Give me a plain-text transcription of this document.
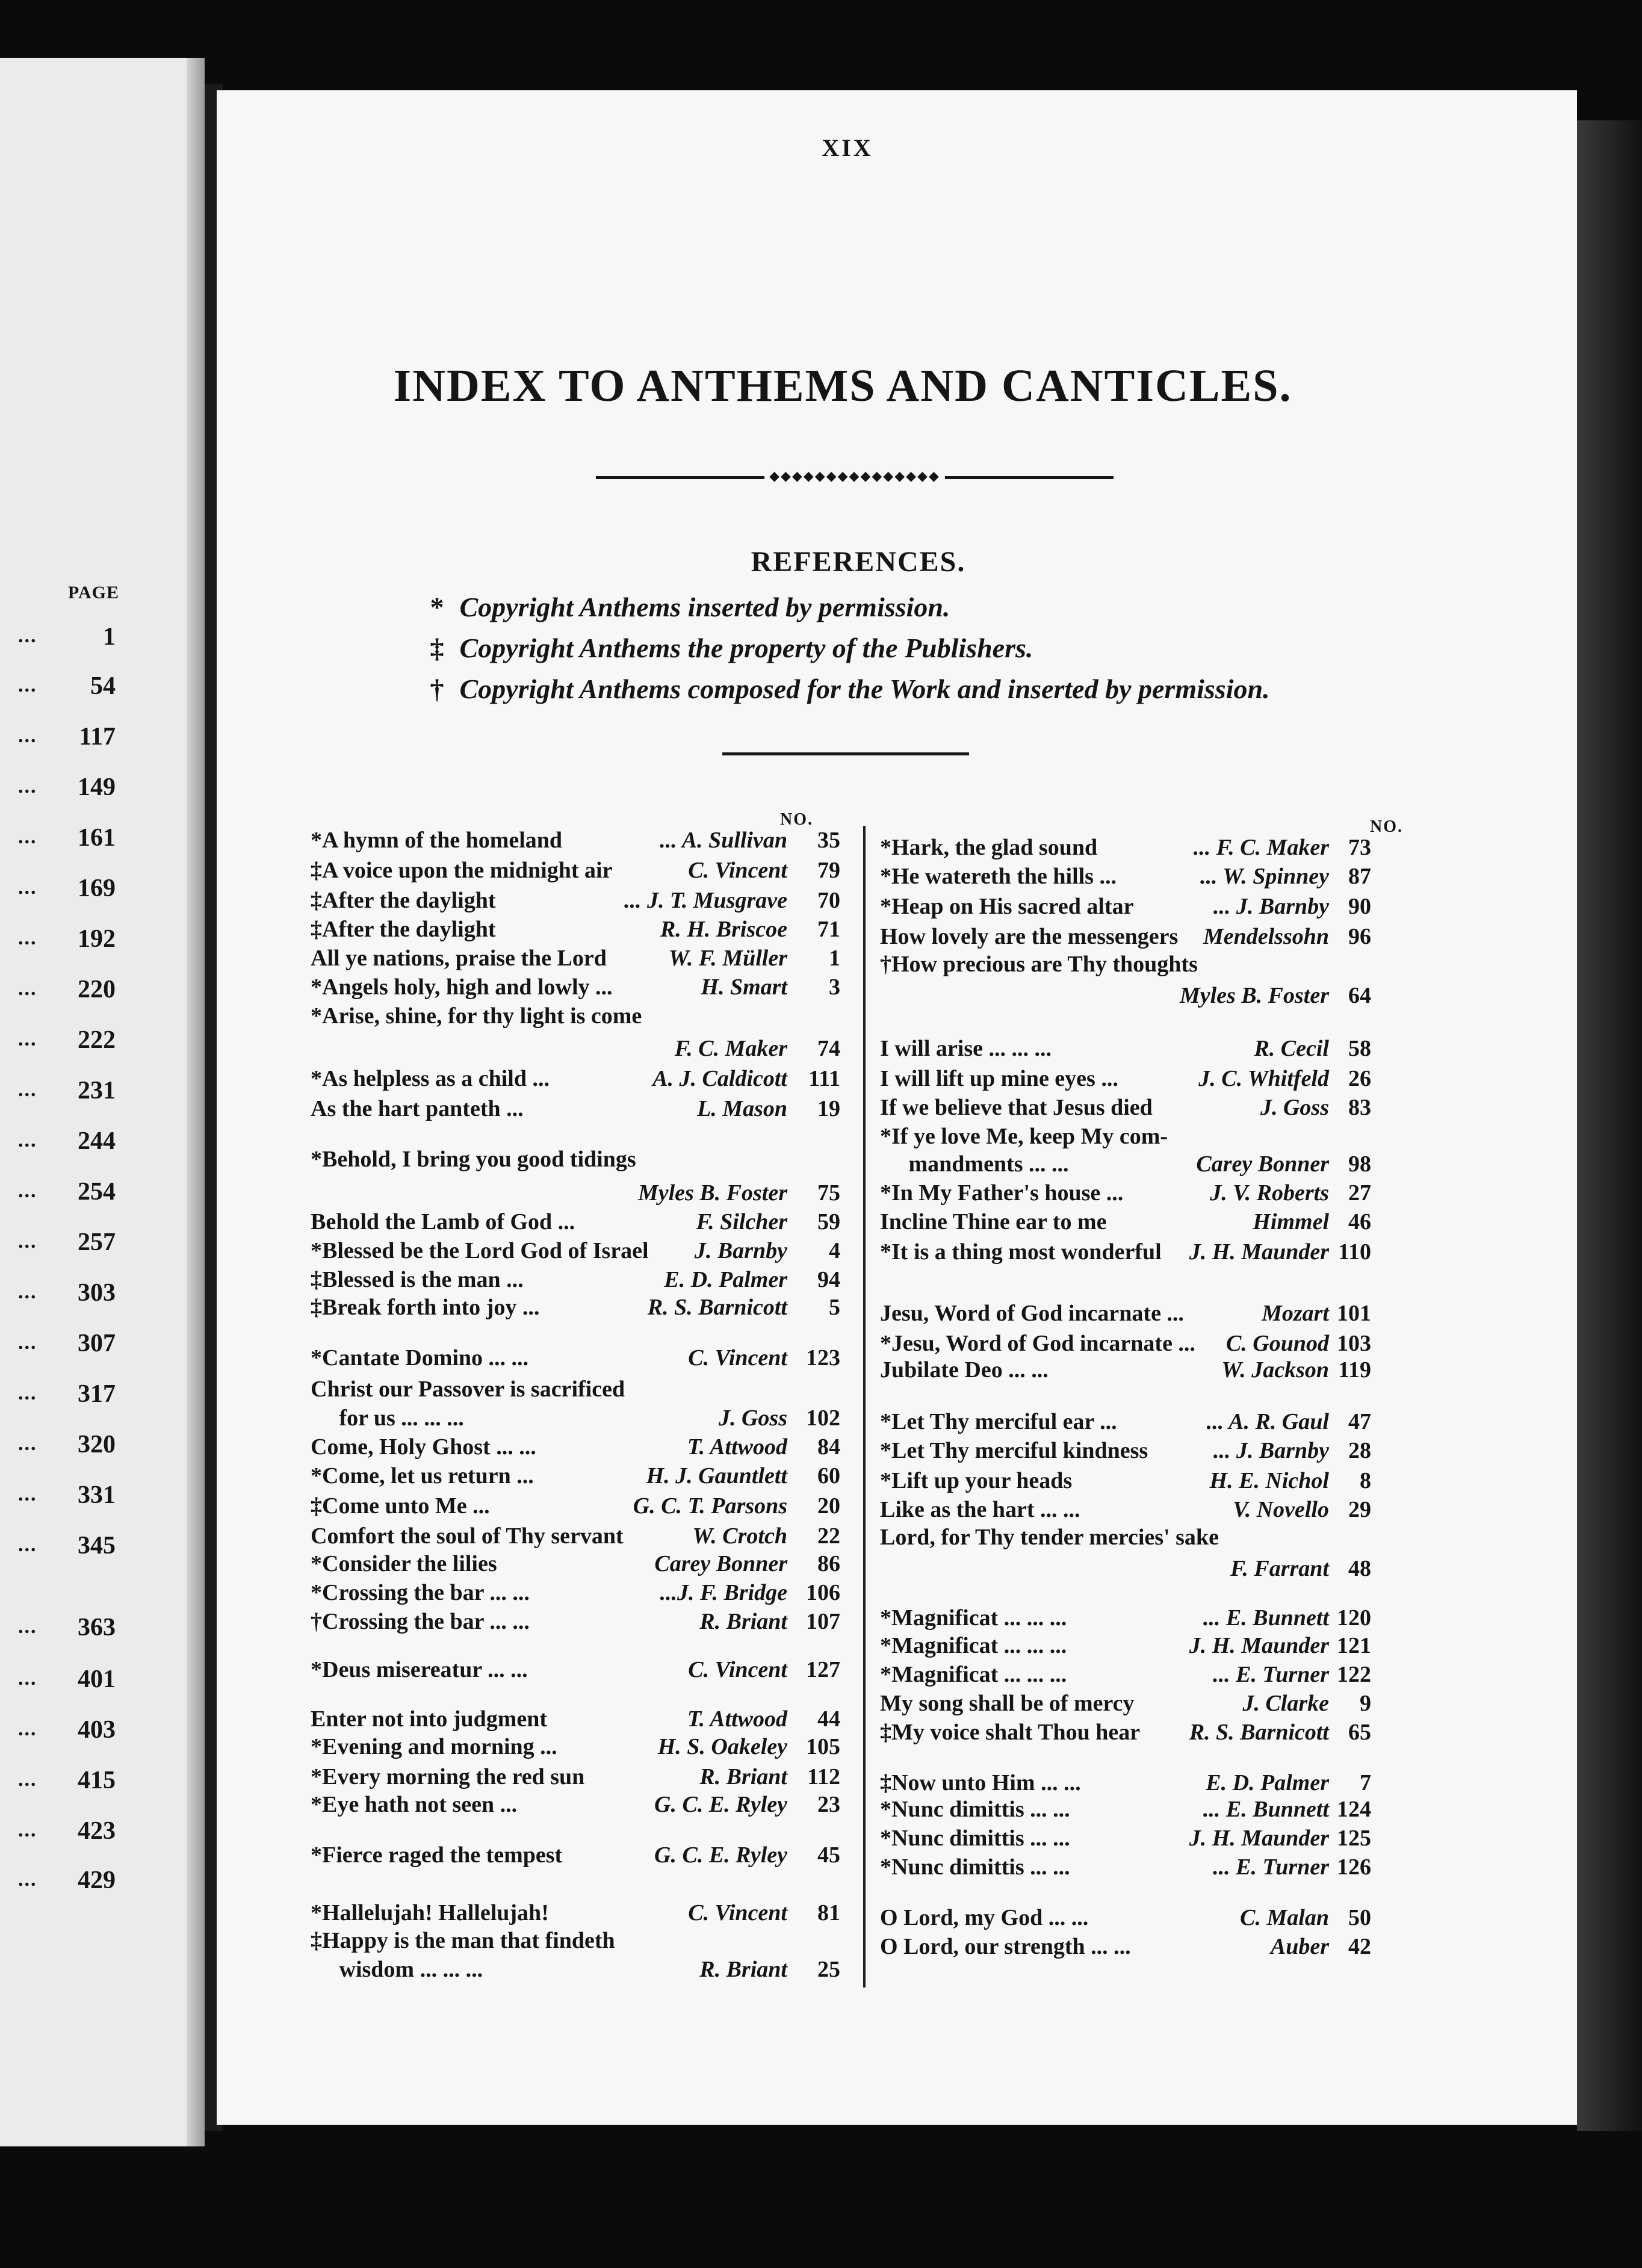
PAGE
...	1
... 54
... 117
... 149
... 161
... 169
... 192
... 220
... 222
... 231
... 244
... 254
... 257
... 303
... 307
... 317
... 320
... 331
... 345
... 363
... 401
... 403
... 415
... 423
... 429
XIX
INDEX TO ANTHEMS AND CANTICLES.
◆◆◆◆◆◆◆◆◆◆◆◆◆◆◆
REFERENCES.
* Copyright Anthems inserted by permission.
‡ Copyright Anthems the property of the Publishers.
† Copyright Anthems composed for the Work and inserted by permission.
NO.	NO.
*A hymn of the homeland	... A. Sullivan	35
‡A voice upon the midnight air	C. Vincent	79
‡After the daylight	... J. T. Musgrave	70
‡After the daylight	R. H. Briscoe	71
All ye nations, praise the Lord	W. F. Müller	1
*Angels holy, high and lowly ...	H. Smart	3
*Arise, shine, for thy light is come
F. C. Maker	74
*As helpless as a child ...	A. J. Caldicott 111
As the hart panteth ...	L. Mason	19
*Behold, I bring you good tidings
Myles B. Foster	75
Behold the Lamb of God ...	F. Silcher	59
*Blessed be the Lord God of Israel J. Barnby	4
‡Blessed is the man ...	E. D. Palmer	94
‡Break forth into joy ...	R. S. Barnicott	5
*Cantate Domino ... ...	C. Vincent 123
Christ our Passover is sacrificed
for us ... ... ...	J. Goss 102
Come, Holy Ghost ... ...	T. Attwood	84
*Come, let us return ...	H. J. Gauntlett	60
‡Come unto Me ...	G. C. T. Parsons	20
Comfort the soul of Thy servant	W. Crotch	22
*Consider the lilies	Carey Bonner	86
*Crossing the bar ... ...	...J. F. Bridge 106
†Crossing the bar ... ...	R. Briant 107
*Deus misereatur ... ...	C. Vincent 127
Enter not into judgment	T. Attwood	44
*Evening and morning ...	H. S. Oakeley 105
*Every morning the red sun	R. Briant 112
*Eye hath not seen ...	G. C. E. Ryley	23
*Fierce raged the tempest	G. C. E. Ryley	45
*Hallelujah! Hallelujah!	C. Vincent	81
‡Happy is the man that findeth
wisdom ... ... ...	R. Briant	25
*Hark, the glad sound	... F. C. Maker 73
*He watereth the hills ...	... W. Spinney 87
*Heap on His sacred altar	... J. Barnby 90
How lovely are the messengers Mendelssohn 96
†How precious are Thy thoughts
Myles B. Foster 64
I will arise ... ... ...	R. Cecil 58
I will lift up mine eyes ...	J. C. Whitfeld 26
If we believe that Jesus died	J. Goss 83
*If ye love Me, keep My com-
mandments ... ...	Carey Bonner 98
*In My Father's house ...	J. V. Roberts 27
Incline Thine ear to me	Himmel 46
*It is a thing most wonderful J. H. Maunder 110
Jesu, Word of God incarnate ...	Mozart 101
*Jesu, Word of God incarnate ... C. Gounod 103
Jubilate Deo ... ...	W. Jackson 119
*Let Thy merciful ear ...	... A. R. Gaul 47
*Let Thy merciful kindness	... J. Barnby 28
*Lift up your heads	H. E. Nichol	8
Like as the hart ... ...	V. Novello 29
Lord, for Thy tender mercies' sake
F. Farrant 48
*Magnificat ... ... ...	... E. Bunnett 120
*Magnificat ... ... ...	J. H. Maunder 121
*Magnificat ... ... ...	... E. Turner 122
My song shall be of mercy	J. Clarke	9
‡My voice shalt Thou hear R. S. Barnicott 65
‡Now unto Him ... ...	E. D. Palmer	7
*Nunc dimittis ... ...	... E. Bunnett 124
*Nunc dimittis ... ...	J. H. Maunder 125
*Nunc dimittis ... ...	... E. Turner 126
O Lord, my God ... ...	C. Malan 50
O Lord, our strength ... ...	Auber 42
